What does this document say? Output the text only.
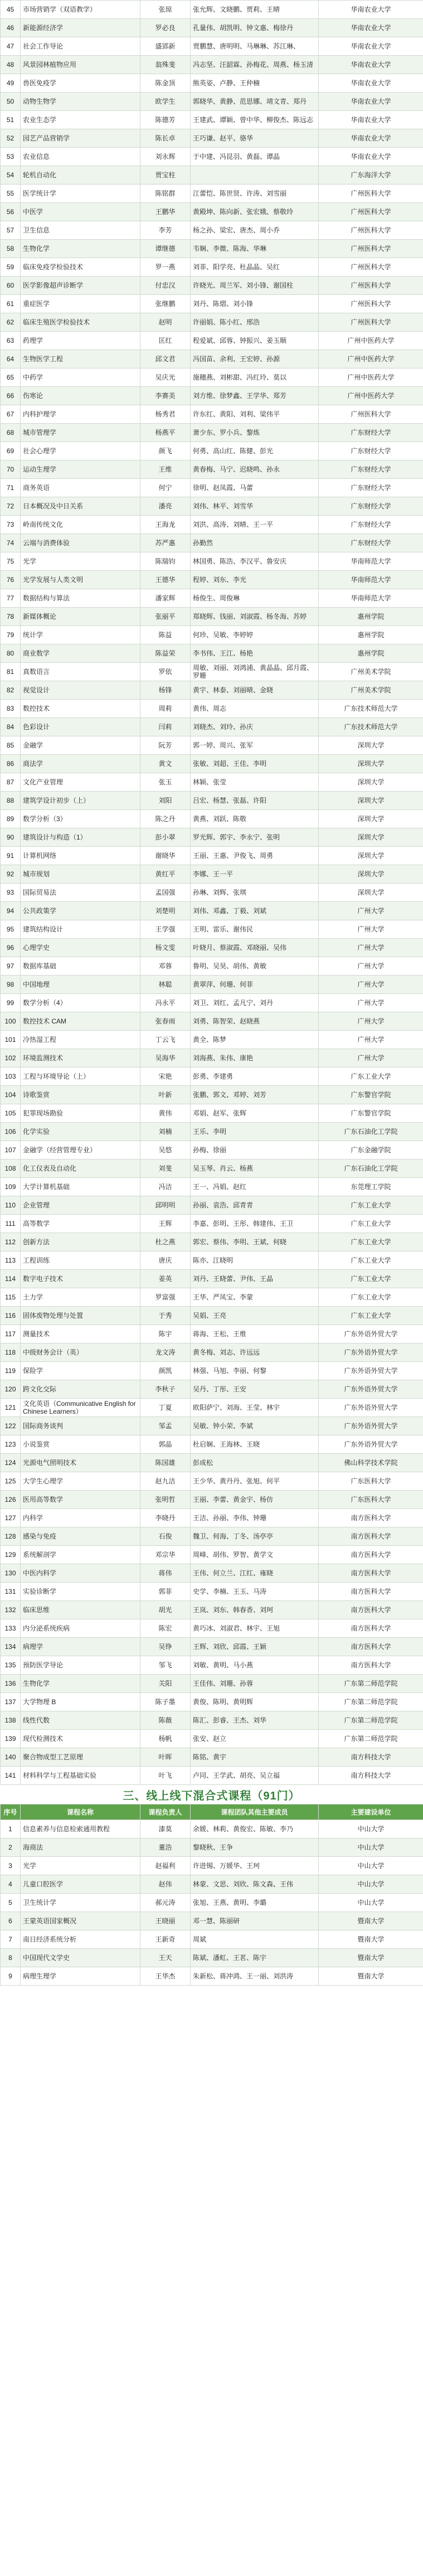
45	市场营销学（双语教学）	张琼	张允辉、文晓鹏、贾莉、王晴	华南农业大学
46	新能源经济学	罗必良	孔量伟、胡凯明、钟文惠、梅徐丹	华南农业大学
47	社会工作导论	盛郢新	贾鹏慧、唐明明、马琳琳、苏江琳、	华南农业大学
48	风景园林植物应用	翁殊斐	冯志坚、汪韶霖、孙梅花、周燕、杨玉清	华南农业大学
49	兽医免疫学	陈金顶	熊英姿、卢静、王仲楠	华南农业大学
50	动物生物学	欧学生	郭晓华、黄静、范思娜、靖文青、郑丹	华南农业大学
51	农业生态学	陈德芳	王建武、谭颖、曾中华、柳俊杰、陈远志	华南农业大学
52	园艺产品营销学	陈长卓	王巧谦、赵平、骆华	华南农业大学
53	农业信息	刘永辉	于中建、冯昆羽、黄磊、谭晶	华南农业大学
54	轮机自动化	贾宝柱		广东海洋大学
55	医学统计学	陈铭群	江蕾恺、陈世贤、许涛、刘雪丽	广州医科大学
56	中医学	王鹏华	黄殿坤、陈向新、张宏娥、蔡敬玲	广州医科大学
57	卫生信息	李芳	杨之孙、梁宏、唐杰、周小乔	广州医科大学
58	生物化学	谭继德	韦娴、李微、陈海、华琳	广州医科大学
59	临床免疫学检验技术	罗一燕	刘菲、阳学亮、杜晶晶、吴红	广州医科大学
60	医学影像超声诊断学	付忠汉	许晓光、周兰军、刘小锋、谢国柱	广州医科大学
61	重症医学	张继鹏	刘丹、陈熠、刘小锋	广州医科大学
62	临床生殖医学检验技术	赵明	许丽娟、陈小红、邢浩	广州医科大学
63	药理学	匡红	程爱斌、邱蓉、钟振兴、姜玉顺	广州中医药大学
64	生物医学工程	邱文君	冯国苗、余利、王宏婷、孙源	广州中医药大学
65	中药学	吴庆光	施穗燕、刘彬甜、冯红玲、莫以	广州中医药大学
66	伤寒论	李赛美	刘方维、徐梦鑫、王学华、郑芳	广州中医药大学
67	内科护理学	杨秀君	许东红、黄阳、刘利、梁伟平	广州医科大学
68	城市管理学	杨燕平	萧少东、罗小兵、黎炼	广东财经大学
69	社会心理学	颜飞	何勇、高山红、陈健、彭光	广东财经大学
70	运动生理学	王维	黄春梅、马宁、迟晓鸣、孙永	广东财经大学
71	商务英语	何宁	徐明、赵凤霞、马蕾	广东财经大学
72	日本概况及中日关系	潘亮	刘伟、林平、刘雪华	广东财经大学
73	岭南传统文化	王海龙	刘洪、高涛、刘晴、王一平	广东财经大学
74	云端与消费体验	苏严惠	孙勤然	广东财经大学
75	光学	陈瑞钧	林国勇、陈浩、李汉平、鲁安庆	华南师范大学
76	光学发展与人类文明	王德华	程婷、刘东、李光	华南师范大学
77	数据结构与算法	潘家辉	杨俊生、周俊琳	华南师范大学
78	新媒体概论	张丽平	郑晓辉、钱丽、刘淑霞、杨冬海、苏婷	惠州学院
79	统计学	陈益	何珍、吴敏、李婷婷	惠州学院
80	商业数学	陈益荣	李书伟、王江、杨艳	惠州学院
81	真数语言	罗依	周敏、刘丽、刘鸿浦、黄晶晶、邱月霞、罗姗	广州美术学院
82	视觉设计	杨锋	黄宇、林泰、刘丽晴、金晓	广州美术学院
83	数控技术	周莉	黄伟、周志	广东技术师范大学
84	色彩设计	闫莉	刘晓杰、刘玲、孙庆	广东技术师范大学
85	金融学	阮芳	郭一婷、周兴、张军	深圳大学
86	商法学	黄文	张敏、刘超、王佳、李明	深圳大学
87	文化产业管理	张玉	林颖、张莹	深圳大学
88	建筑学设计初步（上）	刘阳	吕宏、杨慧、张磊、许阳	深圳大学
89	数学分析（3）	陈之丹	黄燕、刘跃、陈敬	深圳大学
90	建筑设计与构造（1）	彭小翠	罗光辉、郭宇、李永宁、张明	深圳大学
91	计算机网络	谢晓华	王丽、王惠、尹俊飞、周勇	深圳大学
92	城市规划	黄红平	李娜、王一平	深圳大学
93	国际贸易法	孟国强	孙琳、刘辉、张琪	深圳大学
94	公共政策学	刘楚明	刘伟、邓鑫、丁毅、刘斌	广州大学
95	建筑结构设计	王学强	王明、雷乐、谢伟民	广州大学
96	心理学史	杨文雯	叶晓月、蔡淑霞、邓晓丽、吴伟	广州大学
97	数据库基础	邓蓉	鲁明、吴昊、胡伟、黄敏	广州大学
98	中国地理	林聪	黄翠萍、何珊、何菲	广州大学
99	数学分析（4）	冯永平	刘卫、刘红、孟凡宁、刘丹	广州大学
100	数控技术 CAM	张春雨	刘勇、陈智荣、赵晓燕	广州大学
101	冷热湿工程	丁云飞	黄全、陈梦	广州大学
102	环境监测技术	吴海华	刘海燕、朱伟、康艳	广州大学
103	工程与环境导论（上）	宋艳	彭勇、李建勇	广东工业大学
104	诗歌鉴赏	叶新	张鹏、郭文、邓婷、刘芳	广东警官学院
105	犯罪现场勘验	黄伟	邓娟、赵军、张辉	广东警官学院
106	化学实验	刘楠	王乐、李明	广东石油化工学院
107	金融学（经营管理专业）	吴悠	孙梅、徐丽	广东金融学院
108	化工仪表及自动化	刘斐	吴玉琴、肖云、杨燕	广东石油化工学院
109	大学计算机基础	冯洁	王一、冯娟、赵红	东莞理工学院
110	企业管理	邱明明	孙丽、袁浩、邱青青	广东工业大学
111	高等数学	王辉	李嘉、彭明、王彤、韩建伟、王卫	广东工业大学
112	创新方法	杜之燕	郭宏、蔡伟、李明、王斌、何晓	广东工业大学
113	工程训练	唐庆	陈亦、江晓明	广东工业大学
114	数字电子技术	姜英	刘丹、王晓蕾、尹伟、王晶	广东工业大学
115	土力学	罗富强	王华、严凤宝、李蒙	广东工业大学
116	固体废物处理与处置	于秀	吴娟、王亮	广东工业大学
117	测量技术	陈宇	蒋海、王松、王维	广东外语外贸大学
118	中级财务会计（英）	龙文涛	黄冬梅、刘志、许远远	广东外语外贸大学
119	保险学	颜凯	林强、马旭、李丽、何黎	广东外语外贸大学
120	跨文化交际	李秋子	吴丹、丁彤、王安	广东外语外贸大学
121	文化英语（Communicative English for Chinese Learners）	丁夏	欧阳萨宁、刘海、王莹、林宇	广东外语外贸大学
122	国际商务谈判	邹孟	吴敏、钟小荣、李斌	广东外语外贸大学
123	小说鉴赏	郭晶	杜启娴、王海林、王晓	广东外语外贸大学
124	光源电气照明技术	陈国雄	彭成松	佛山科学技术学院
125	大学生心理学	赵九洁	王少华、黄丹丹、张旭、何平	广东医科大学
126	医用高等数学	张明哲	王丽、李蕾、黄金宇、杨仿	广东医科大学
127	内科学	李晓丹	王洁、孙丽、李伟、钟珊	南方医科大学
128	感染与免疫	石俊	魏卫、何海、丁冬、汤亭亭	南方医科大学
129	系统解剖学	邓宗华	周峰、胡伟、罗智、黄学文	南方医科大学
130	中医内科学	蒋伟	王伟、何立兰、江红、雍晓	南方医科大学
131	实验诊断学	郭菲	史学、李楠、王玉、马涛	南方医科大学
132	临床思维	胡光	王岚、刘东、韩春香、刘珂	南方医科大学
133	内分泌系统疾病	陈宏	黄巧冰、刘淑君、林宇、王旭	南方医科大学
134	病理学	吴铮	王辉、刘欣、邱霞、王颖	南方医科大学
135	预防医学导论	邹飞	刘敏、黄明、马小燕	南方医科大学
136	生物化学	关阳	王佳伟、刘珊、孙蓉	广东第二师范学院
137	大学物理 B	陈子墨	黄俊、陈明、黄明辉	广东第二师范学院
138	线性代数	陈薇	陈汇、彭睿、王杰、刘华	广东第二师范学院
139	现代检测技术	杨帆	张安、赵立	广东第二师范学院
140	聚合物成型工艺原理	叶晖	陈铭、黄宇	南方科技大学
141	材料科学与工程基础实验	叶飞	卢同、王学武、胡亮、吴立福	南方科技大学
三、线上线下混合式课程（91门）
序号	课程名称	课程负责人	课程团队其他主要成员	主要建设单位
1	信息素养与信息检索通用教程	漆莫	余媛、林莉、黄俊宏、陈敏、李乃	中山大学
2	海商法	董浩	黎晓秋、王争	中山大学
3	光学	赵福利	许进锡、万媛华、王珂	中山大学
4	儿童口腔医学	赵伟	林蒙、文思、刘欣、陈文森、王伟	中山大学
5	卫生统计学	郝元涛	张旭、王燕、黄明、李璐	中山大学
6	王蒙英语国家概况	王晓丽	邓一慧、陈丽研	暨南大学
7	南日经济系统分析	王新奇	周斌	暨南大学
8	中国现代文学史	王天	陈斌、潘虹、王茗、陈宇	暨南大学
9	病理生理学	王华杰	朱新松、蒋冲鸿、王一丽、刘洪涛	暨南大学
